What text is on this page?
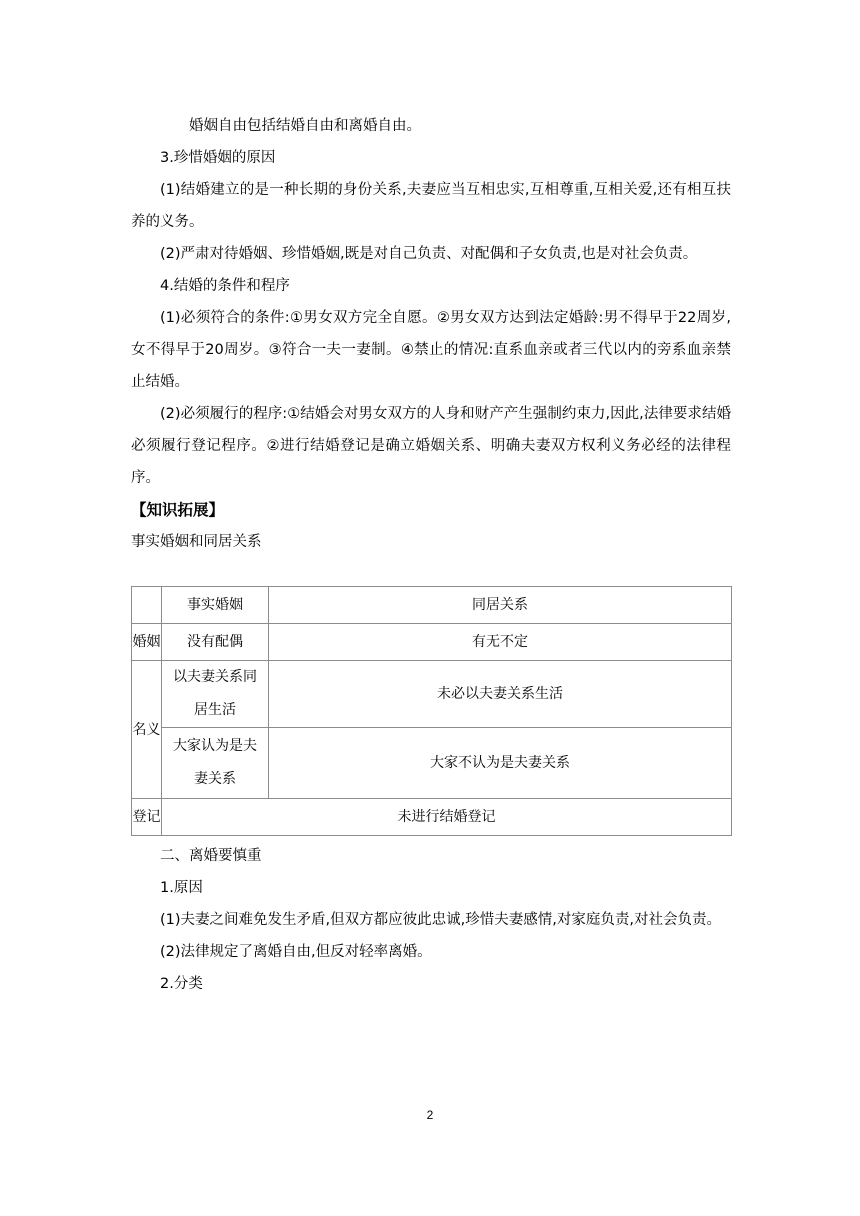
婚姻自由包括结婚自由和离婚自由。

3.珍惜婚姻的原因

(1)结婚建立的是一种长期的身份关系,夫妻应当互相忠实,互相尊重,互相关爱,还有相互扶养的义务。

(2)严肃对待婚姻、珍惜婚姻,既是对自己负责、对配偶和子女负责,也是对社会负责。

4.结婚的条件和程序

(1)必须符合的条件:①男女双方完全自愿。②男女双方达到法定婚龄:男不得早于22周岁,女不得早于20周岁。③符合一夫一妻制。④禁止的情况:直系血亲或者三代以内的旁系血亲禁止结婚。

(2)必须履行的程序:①结婚会对男女双方的人身和财产产生强制约束力,因此,法律要求结婚必须履行登记程序。②进行结婚登记是确立婚姻关系、明确夫妻双方权利义务必经的法律程序。

【知识拓展】

事实婚姻和同居关系

	事实婚姻	同居关系
婚姻	没有配偶	有无不定
名义	以夫妻关系同居生活	未必以夫妻关系生活
	大家认为是夫妻关系	大家不认为是夫妻关系
登记	未进行结婚登记	

二、离婚要慎重

1.原因

(1)夫妻之间难免发生矛盾,但双方都应彼此忠诚,珍惜夫妻感情,对家庭负责,对社会负责。

(2)法律规定了离婚自由,但反对轻率离婚。

2.分类

2
